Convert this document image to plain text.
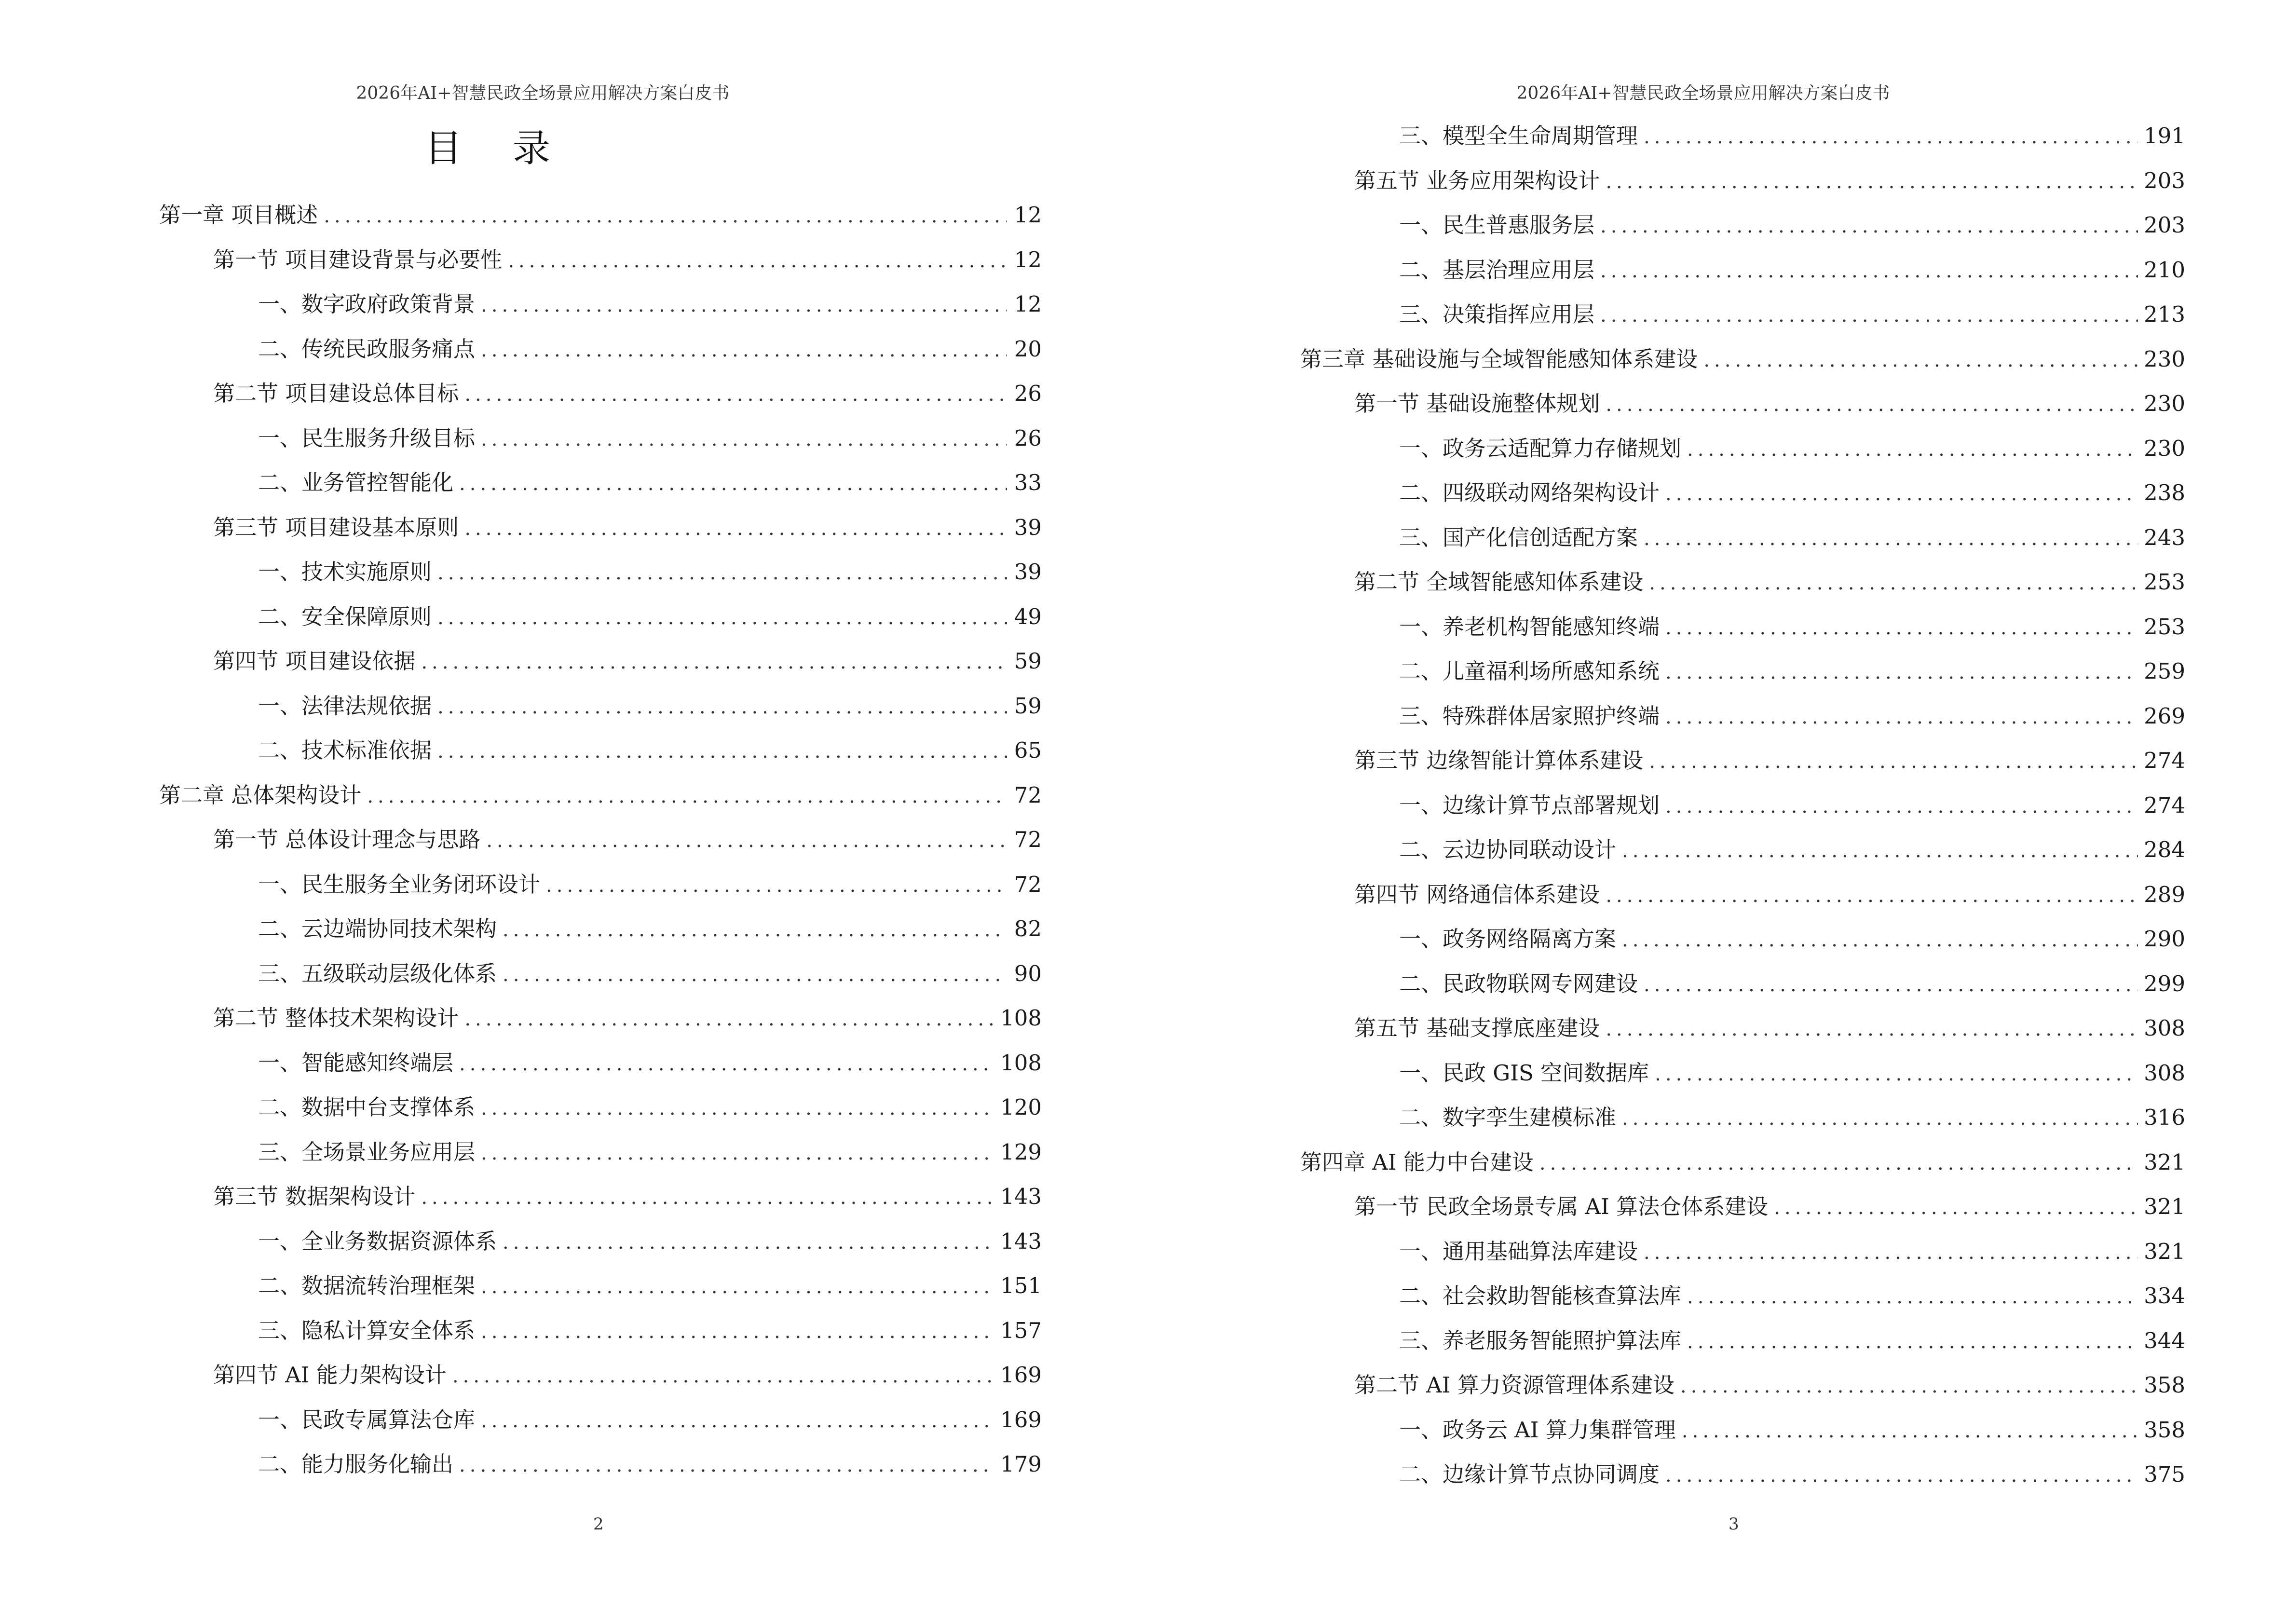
2026年AI+智慧民政全场景应用解决方案白皮书
目 录
第一章 项目概述 .....	12
第一节 项目建设背景与必要性 .....	12
一、数字政府政策背景 .....	12
二、传统民政服务痛点 .....	20
第二节 项目建设总体目标 .....	26
一、民生服务升级目标 .....	26
二、业务管控智能化 .....	33
第三节 项目建设基本原则 .....	39
一、技术实施原则 .....	39
二、安全保障原则 .....	49
第四节 项目建设依据 .....	59
一、法律法规依据 .....	59
二、技术标准依据 .....	65
第二章 总体架构设计 .....	72
第一节 总体设计理念与思路 .....	72
一、民生服务全业务闭环设计 .....	72
二、云边端协同技术架构 .....	82
三、五级联动层级化体系 .....	90
第二节 整体技术架构设计 .....	108
一、智能感知终端层 .....	108
二、数据中台支撑体系 .....	120
三、全场景业务应用层 .....	129
第三节 数据架构设计 .....	143
一、全业务数据资源体系 .....	143
二、数据流转治理框架 .....	151
三、隐私计算安全体系 .....	157
第四节 AI 能力架构设计 .....	169
一、民政专属算法仓库 .....	169
二、能力服务化输出 .....	179
2
2026年AI+智慧民政全场景应用解决方案白皮书
三、模型全生命周期管理 .....	191
第五节 业务应用架构设计 .....	203
一、民生普惠服务层 .....	203
二、基层治理应用层 .....	210
三、决策指挥应用层 .....	213
第三章 基础设施与全域智能感知体系建设 .....	230
第一节 基础设施整体规划 .....	230
一、政务云适配算力存储规划 .....	230
二、四级联动网络架构设计 .....	238
三、国产化信创适配方案 .....	243
第二节 全域智能感知体系建设 .....	253
一、养老机构智能感知终端 .....	253
二、儿童福利场所感知系统 .....	259
三、特殊群体居家照护终端 .....	269
第三节 边缘智能计算体系建设 .....	274
一、边缘计算节点部署规划 .....	274
二、云边协同联动设计 .....	284
第四节 网络通信体系建设 .....	289
一、政务网络隔离方案 .....	290
二、民政物联网专网建设 .....	299
第五节 基础支撑底座建设 .....	308
一、民政 GIS 空间数据库 .....	308
二、数字孪生建模标准 .....	316
第四章 AI 能力中台建设 .....	321
第一节 民政全场景专属 AI 算法仓体系建设 .....	321
一、通用基础算法库建设 .....	321
二、社会救助智能核查算法库 .....	334
三、养老服务智能照护算法库 .....	344
第二节 AI 算力资源管理体系建设 .....	358
一、政务云 AI 算力集群管理 .....	358
二、边缘计算节点协同调度 .....	375
3
